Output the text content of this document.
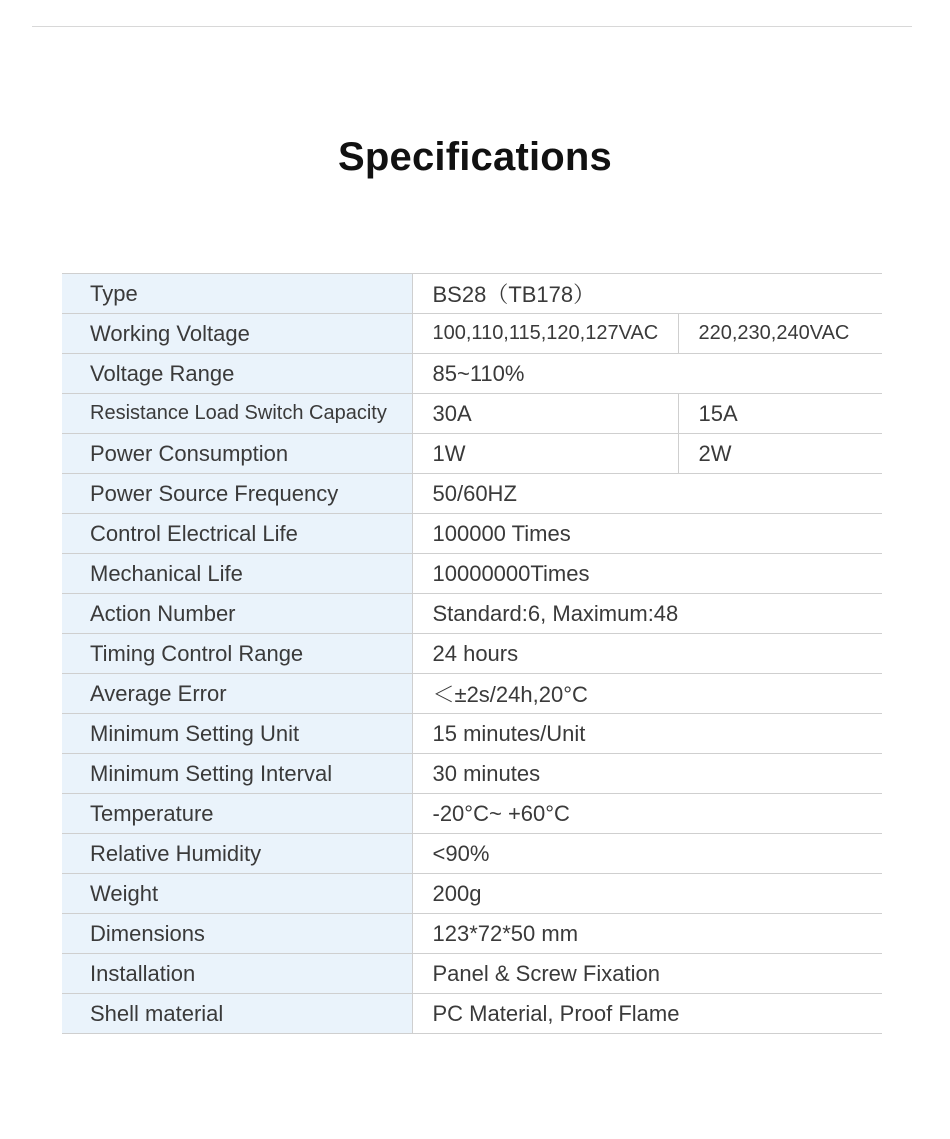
Specifications
Type	BS28（TB178）	
Working Voltage	100,110,115,120,127VAC	220,230,240VAC
Voltage Range	85~110%	
Resistance Load Switch Capacity	30A	15A
Power Consumption	1W	2W
Power Source Frequency	50/60HZ	
Control Electrical Life	100000 Times	
Mechanical Life	10000000Times	
Action Number	Standard:6, Maximum:48	
Timing Control Range	24 hours	
Average Error	＜±2s/24h,20°C	
Minimum Setting Unit	15 minutes/Unit	
Minimum Setting Interval	30 minutes	
Temperature	-20°C~ +60°C	
Relative Humidity	<90%	
Weight	200g	
Dimensions	123*72*50 mm	
Installation	Panel & Screw Fixation	
Shell material	PC Material, Proof Flame	
